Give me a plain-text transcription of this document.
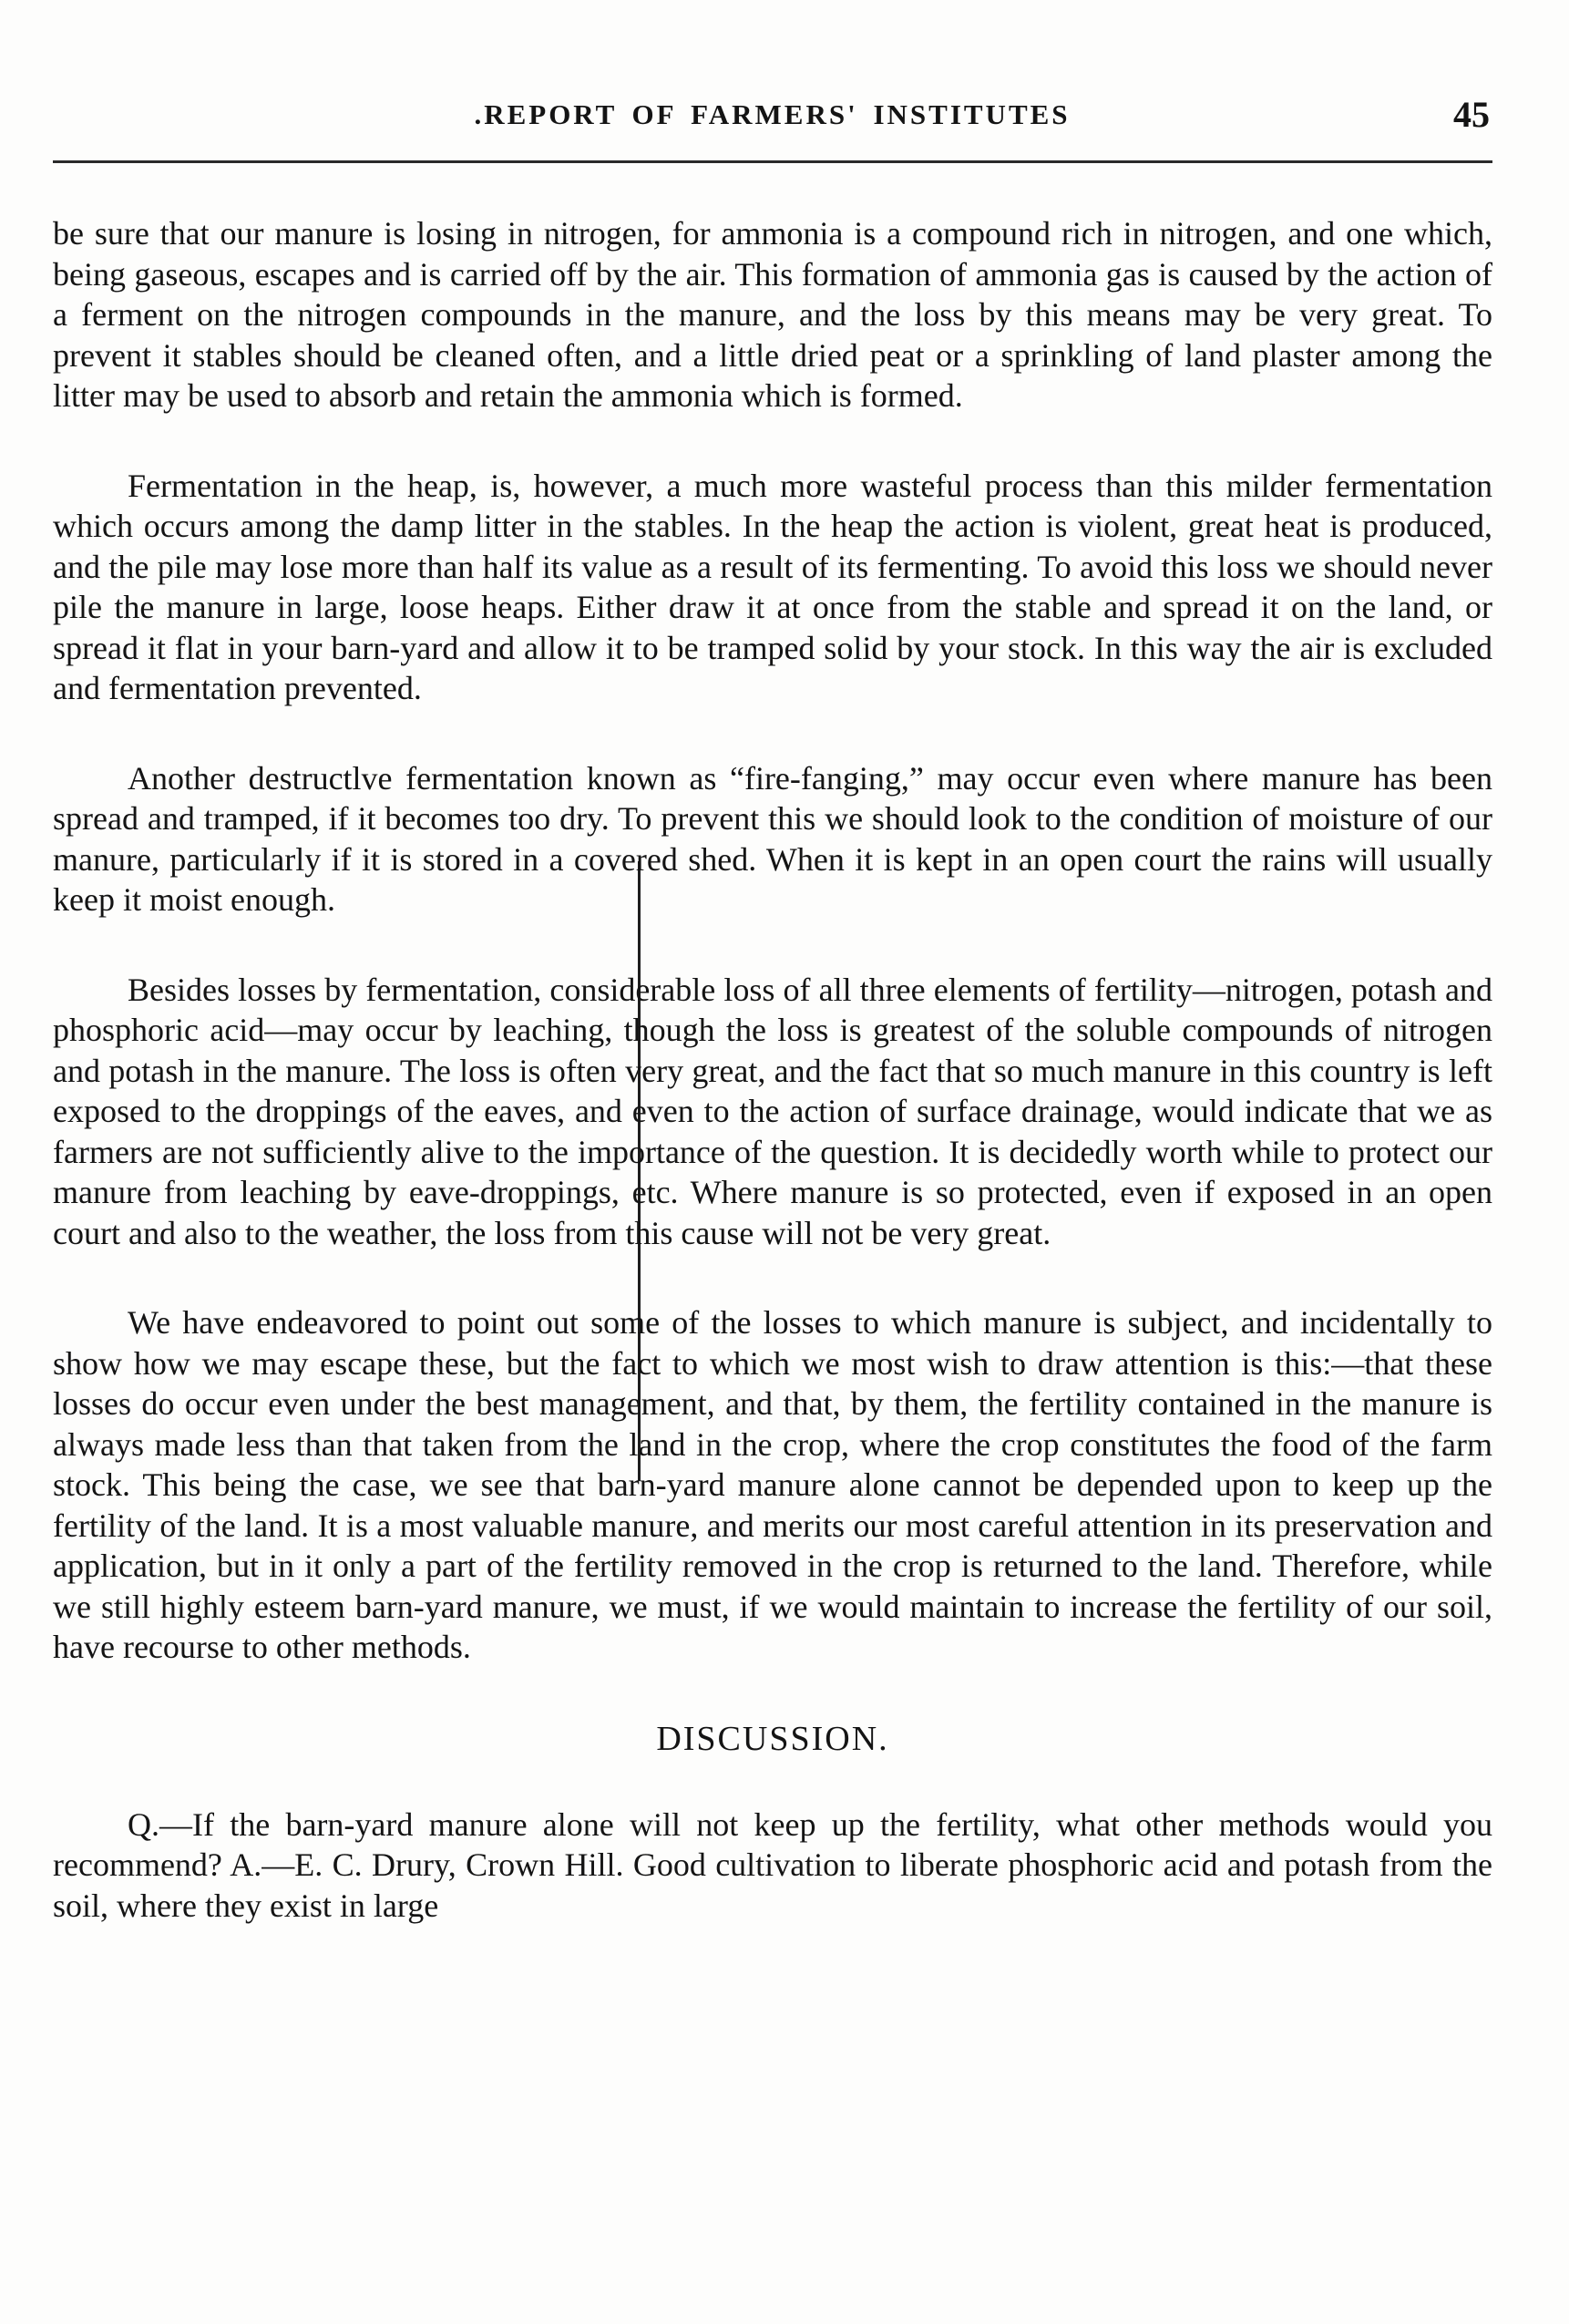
.REPORT OF FARMERS' INSTITUTES	45

be sure that our manure is losing in nitrogen, for ammonia is a compound rich in nitrogen, and one which, being gaseous, escapes and is carried off by the air. This formation of ammonia gas is caused by the action of a ferment on the nitrogen compounds in the manure, and the loss by this means may be very great. To prevent it stables should be cleaned often, and a little dried peat or a sprinkling of land plaster among the litter may be used to absorb and retain the ammonia which is formed.

Fermentation in the heap, is, however, a much more wasteful process than this milder fermentation which occurs among the damp litter in the stables. In the heap the action is violent, great heat is produced, and the pile may lose more than half its value as a result of its fermenting. To avoid this loss we should never pile the manure in large, loose heaps. Either draw it at once from the stable and spread it on the land, or spread it flat in your barn-yard and allow it to be tramped solid by your stock. In this way the air is excluded and fermentation prevented.

Another destructlve fermentation known as “fire-fanging,” may occur even where manure has been spread and tramped, if it becomes too dry. To prevent this we should look to the condition of moisture of our manure, particularly if it is stored in a covered shed. When it is kept in an open court the rains will usually keep it moist enough.

Besides losses by fermentation, considerable loss of all three elements of fertility—nitrogen, potash and phosphoric acid—may occur by leaching, though the loss is greatest of the soluble compounds of nitrogen and potash in the manure. The loss is often very great, and the fact that so much manure in this country is left exposed to the droppings of the eaves, and even to the action of surface drainage, would indicate that we as farmers are not sufficiently alive to the importance of the question. It is decidedly worth while to protect our manure from leaching by eave-droppings, etc. Where manure is so protected, even if exposed in an open court and also to the weather, the loss from this cause will not be very great.

We have endeavored to point out some of the losses to which manure is subject, and incidentally to show how we may escape these, but the fact to which we most wish to draw attention is this:—that these losses do occur even under the best management, and that, by them, the fertility contained in the manure is always made less than that taken from the land in the crop, where the crop constitutes the food of the farm stock. This being the case, we see that barn-yard manure alone cannot be depended upon to keep up the fertility of the land. It is a most valuable manure, and merits our most careful attention in its preservation and application, but in it only a part of the fertility removed in the crop is returned to the land. Therefore, while we still highly esteem barn-yard manure, we must, if we would maintain to increase the fertility of our soil, have recourse to other methods.

DISCUSSION.

Q.—If the barn-yard manure alone will not keep up the fertility, what other methods would you recommend? A.—E. C. Drury, Crown Hill. Good cultivation to liberate phosphoric acid and potash from the soil, where they exist in large
